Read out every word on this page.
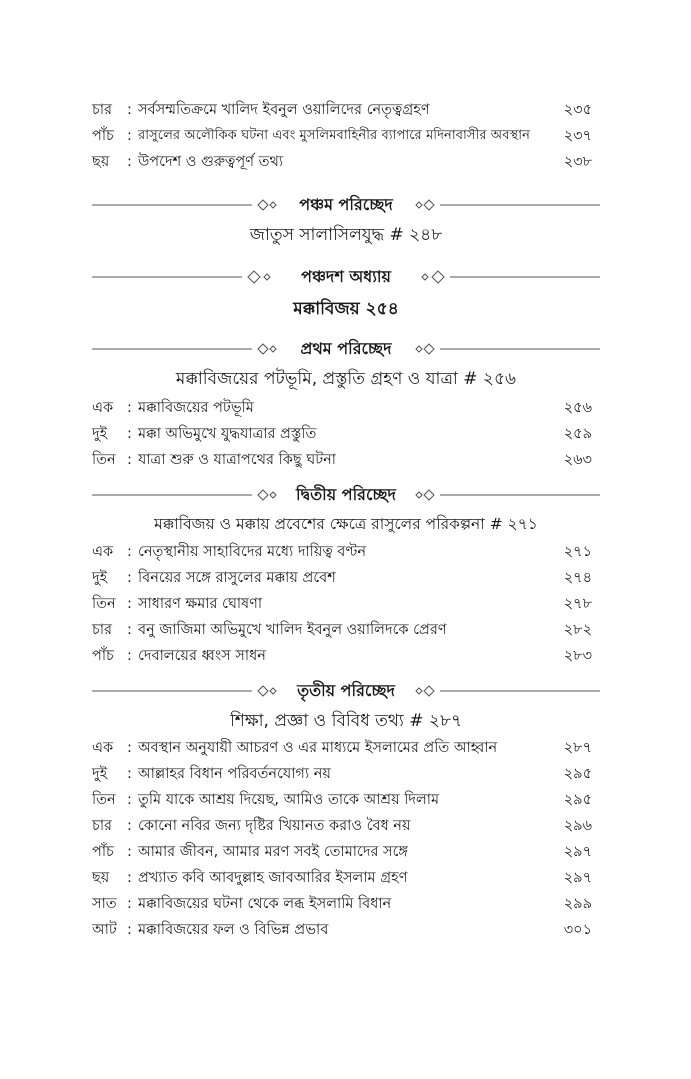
চার	: সর্বসম্মতিক্রমে খালিদ ইবনুল ওয়ালিদের নেতৃত্বগ্রহণ	২৩৫
পাঁচ : রাসুলের অলৌকিক ঘটনা এবং মুসলিমবাহিনীর ব্যাপারে মদিনাবাসীর অবস্থান ২৩৭
ছয়	: উপদেশ ও গুরুত্বপূর্ণ তথ্য	২৩৮
পঞ্চম পরিচ্ছেদ
জাতুস সালাসিলযুদ্ধ # ২৪৮
পঞ্চদশ অধ্যায়
মক্কাবিজয় ২৫৪
প্রথম পরিচ্ছেদ
মক্কাবিজয়ের পটভূমি, প্রস্তুতি গ্রহণ ও যাত্রা # ২৫৬
এক : মক্কাবিজয়ের পটভূমি	২৫৬
দুই	: মক্কা অভিমুখে যুদ্ধযাত্রার প্রস্তুতি	২৫৯
তিন : যাত্রা শুরু ও যাত্রাপথের কিছু ঘটনা	২৬৩
দ্বিতীয় পরিচ্ছেদ
মক্কাবিজয় ও মক্কায় প্রবেশের ক্ষেত্রে রাসুলের পরিকল্পনা # ২৭১
এক : নেতৃস্থানীয় সাহাবিদের মধ্যে দায়িত্ব বণ্টন	২৭১
দুই	: বিনয়ের সঙ্গে রাসুলের মক্কায় প্রবেশ	২৭৪
তিন : সাধারণ ক্ষমার ঘোষণা	২৭৮
চার	: বনু জাজিমা অভিমুখে খালিদ ইবনুল ওয়ালিদকে প্রেরণ	২৮২
পাঁচ : দেবালয়ের ধ্বংস সাধন	২৮৩
তৃতীয় পরিচ্ছেদ
শিক্ষা, প্রজ্ঞা ও বিবিধ তথ্য # ২৮৭
এক : অবস্থান অনুযায়ী আচরণ ও এর মাধ্যমে ইসলামের প্রতি আহ্বান	২৮৭
দুই	: আল্লাহর বিধান পরিবর্তনযোগ্য নয়	২৯৫
তিন : তুমি যাকে আশ্রয় দিয়েছ, আমিও তাকে আশ্রয় দিলাম	২৯৫
চার	: কোনো নবির জন্য দৃষ্টির খিয়ানত করাও বৈধ নয়	২৯৬
পাঁচ : আমার জীবন, আমার মরণ সবই তোমাদের সঙ্গে	২৯৭
ছয়	: প্রখ্যাত কবি আবদুল্লাহ জাবআরির ইসলাম গ্রহণ	২৯৭
সাত : মক্কাবিজয়ের ঘটনা থেকে লব্ধ ইসলামি বিধান	২৯৯
আট : মক্কাবিজয়ের ফল ও বিভিন্ন প্রভাব	৩০১
